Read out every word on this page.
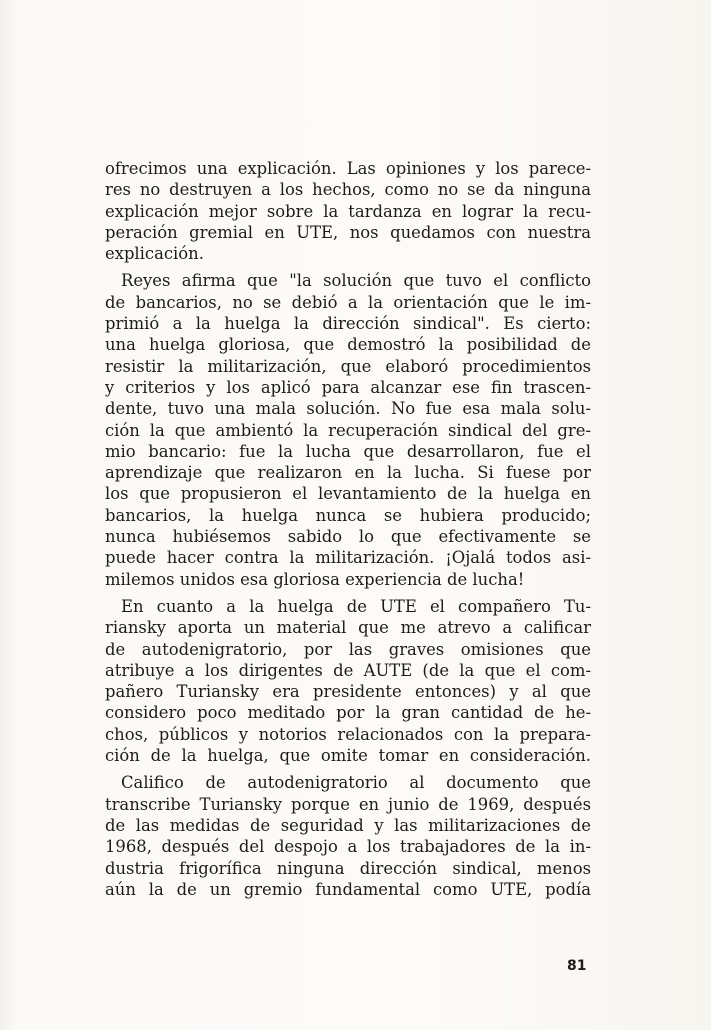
ofrecimos una explicación. Las opiniones y los parece-
res no destruyen a los hechos, como no se da ninguna
explicación mejor sobre la tardanza en lograr la recu-
peración gremial en UTE, nos quedamos con nuestra
explicación.
Reyes afirma que "la solución que tuvo el conflicto
de bancarios, no se debió a la orientación que le im-
primió a la huelga la dirección sindical". Es cierto:
una huelga gloriosa, que demostró la posibilidad de
resistir la militarización, que elaboró procedimientos
y criterios y los aplicó para alcanzar ese fin trascen-
dente, tuvo una mala solución. No fue esa mala solu-
ción la que ambientó la recuperación sindical del gre-
mio bancario: fue la lucha que desarrollaron, fue el
aprendizaje que realizaron en la lucha. Si fuese por
los que propusieron el levantamiento de la huelga en
bancarios, la huelga nunca se hubiera producido;
nunca hubiésemos sabido lo que efectivamente se
puede hacer contra la militarización. ¡Ojalá todos asi-
milemos unidos esa gloriosa experiencia de lucha!
En cuanto a la huelga de UTE el compañero Tu-
riansky aporta un material que me atrevo a calificar
de autodenigratorio, por las graves omisiones que
atribuye a los dirigentes de AUTE (de la que el com-
pañero Turiansky era presidente entonces) y al que
considero poco meditado por la gran cantidad de he-
chos, públicos y notorios relacionados con la prepara-
ción de la huelga, que omite tomar en consideración.
Califico de autodenigratorio al documento que
transcribe Turiansky porque en junio de 1969, después
de las medidas de seguridad y las militarizaciones de
1968, después del despojo a los trabajadores de la in-
dustria frigorífica ninguna dirección sindical, menos
aún la de un gremio fundamental como UTE, podía
81
